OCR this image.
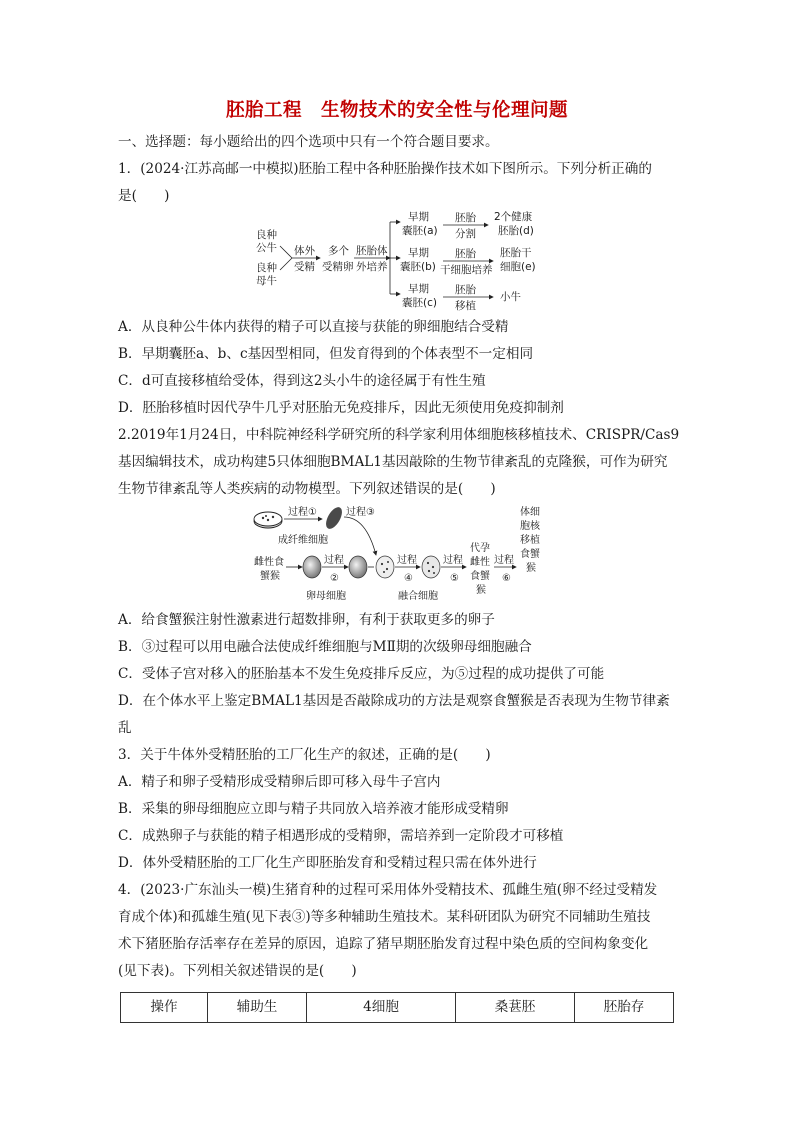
胚胎工程　生物技术的安全性与伦理问题
一、选择题：每小题给出的四个选项中只有一个符合题目要求。
1．(2024·江苏高邮一中模拟)胚胎工程中各种胚胎操作技术如下图所示。下列分析正确的
是(　　)
良种
公牛
良种
母牛
体外
受精
多个
受精卵
胚胎体
外培养
早期
囊胚(a)
胚胎
分割
2个健康
胚胎(d)
早期
囊胚(b)
胚胎
干细胞培养
胚胎干
细胞(e)
早期
囊胚(c)
胚胎
移植
小牛
A．从良种公牛体内获得的精子可以直接与获能的卵细胞结合受精
B．早期囊胚a、b、c基因型相同，但发育得到的个体表型不一定相同
C．d可直接移植给受体，得到这2头小牛的途径属于有性生殖
D．胚胎移植时因代孕牛几乎对胚胎无免疫排斥，因此无须使用免疫抑制剂
2.2019年1月24日，中科院神经科学研究所的科学家利用体细胞核移植技术、CRISPR/Cas9
基因编辑技术，成功构建5只体细胞BMAL1基因敲除的生物节律紊乱的克隆猴，可作为研究
生物节律紊乱等人类疾病的动物模型。下列叙述错误的是(　　)
过程①
成纤维细胞
过程③
雌性食
蟹猴
过程
②
卵母细胞
过程
④
融合细胞
过程
⑤
代孕
雌性
食蟹
猴
过程
⑥
体细
胞核
移植
食蟹
猴
A．给食蟹猴注射性激素进行超数排卵，有利于获取更多的卵子
B．③过程可以用电融合法使成纤维细胞与MⅡ期的次级卵母细胞融合
C．受体子宫对移入的胚胎基本不发生免疫排斥反应，为⑤过程的成功提供了可能
D．在个体水平上鉴定BMAL1基因是否敲除成功的方法是观察食蟹猴是否表现为生物节律紊
乱
3．关于牛体外受精胚胎的工厂化生产的叙述，正确的是(　　)
A．精子和卵子受精形成受精卵后即可移入母牛子宫内
B．采集的卵母细胞应立即与精子共同放入培养液才能形成受精卵
C．成熟卵子与获能的精子相遇形成的受精卵，需培养到一定阶段才可移植
D．体外受精胚胎的工厂化生产即胚胎发育和受精过程只需在体外进行
4．(2023·广东汕头一模)生猪育种的过程可采用体外受精技术、孤雌生殖(卵不经过受精发
育成个体)和孤雄生殖(见下表③)等多种辅助生殖技术。某科研团队为研究不同辅助生殖技
术下猪胚胎存活率存在差异的原因，追踪了猪早期胚胎发育过程中染色质的空间构象变化
(见下表)。下列相关叙述错误的是(　　)
操作	辅助生	4细胞	桑葚胚	胚胎存
